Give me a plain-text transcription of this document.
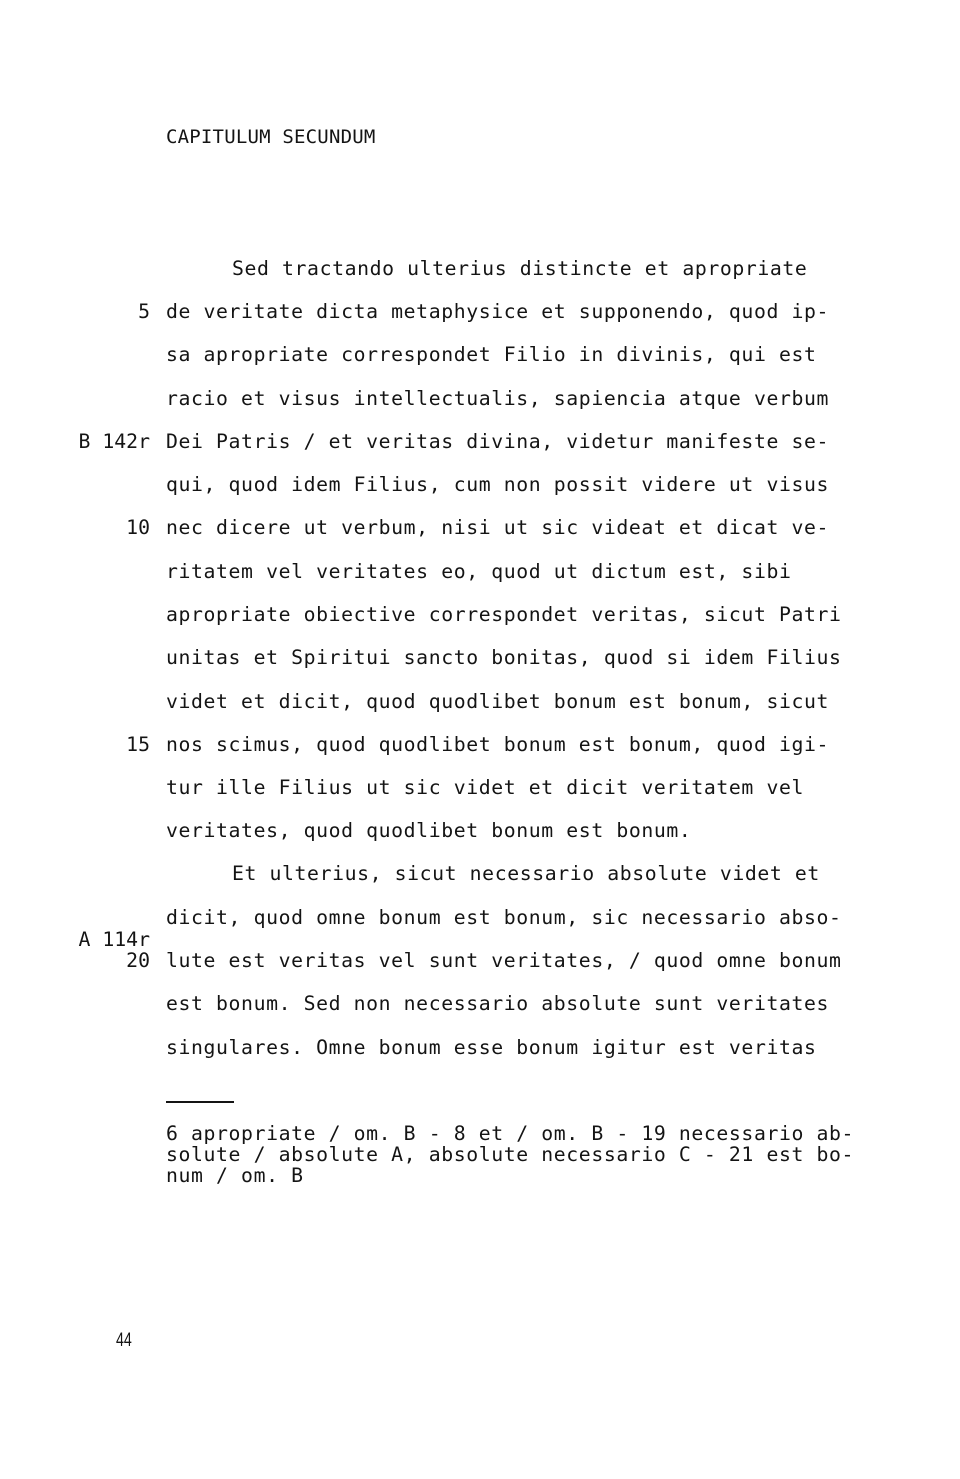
CAPITULUM SECUNDUM
5
B 142r
10
15
A 114r
20
Sed tractando ulterius distincte et apropriate
de veritate dicta metaphysice et supponendo, quod ip-
sa apropriate correspondet Filio in divinis, qui est
racio et visus intellectualis, sapiencia atque verbum
Dei Patris / et veritas divina, videtur manifeste se-
qui, quod idem Filius, cum non possit videre ut visus
nec dicere ut verbum, nisi ut sic videat et dicat ve-
ritatem vel veritates eo, quod ut dictum est, sibi
apropriate obiective correspondet veritas, sicut Patri
unitas et Spiritui sancto bonitas, quod si idem Filius
videt et dicit, quod quodlibet bonum est bonum, sicut
nos scimus, quod quodlibet bonum est bonum, quod igi-
tur ille Filius ut sic videt et dicit veritatem vel
veritates, quod quodlibet bonum est bonum.
Et ulterius, sicut necessario absolute videt et
dicit, quod omne bonum est bonum, sic necessario abso-
lute est veritas vel sunt veritates, / quod omne bonum
est bonum. Sed non necessario absolute sunt veritates
singulares. Omne bonum esse bonum igitur est veritas
6 apropriate / om. B - 8 et / om. B - 19 necessario ab-
solute / absolute A, absolute necessario C - 21 est bo-
num / om. B
44
